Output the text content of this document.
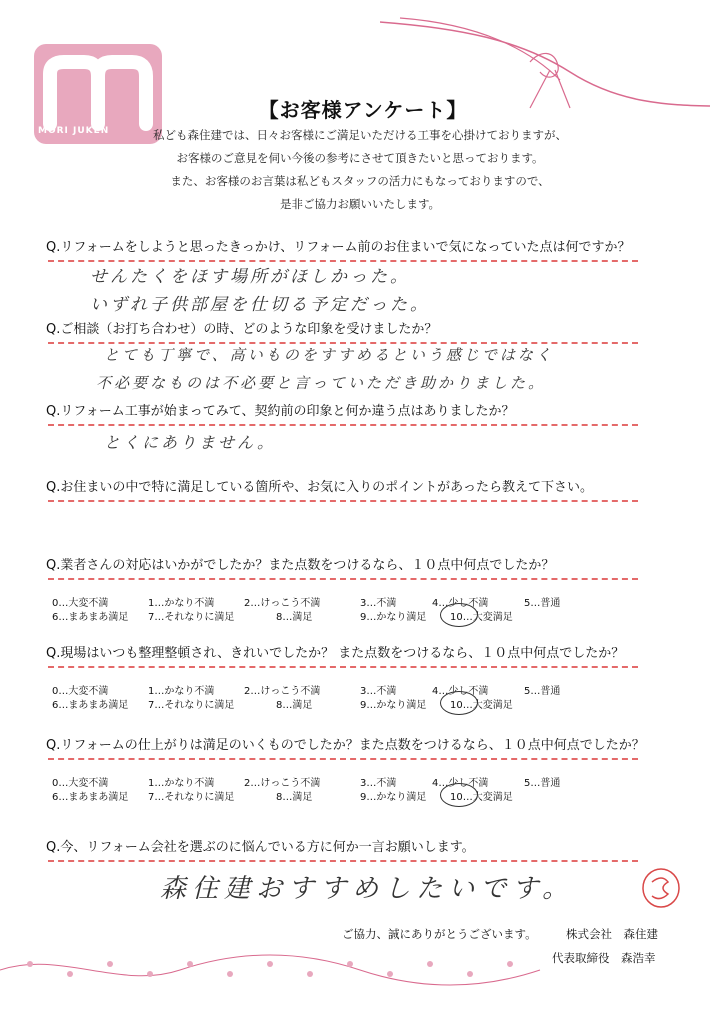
MORI JUKEN
【お客様アンケート】

私ども森住建では、日々お客様にご満足いただける工事を心掛けておりますが、

お客様のご意見を伺い今後の参考にさせて頂きたいと思っております。

また、お客様のお言葉は私どもスタッフの活力にもなっておりますので、

是非ご協力お願いいたします。

Q.リフォームをしようと思ったきっかけ、リフォーム前のお住まいで気になっていた点は何ですか？
せんたくをほす場所がほしかった。
いずれ子供部屋を仕切る予定だった。
Q.ご相談（お打ち合わせ）の時、どのような印象を受けましたか？
とても丁寧で、高いものをすすめるという感じではなく
不必要なものは不必要と言っていただき助かりました。
Q.リフォーム工事が始まってみて、契約前の印象と何か違う点はありましたか？
とくにありません。
Q.お住まいの中で特に満足している箇所や、お気に入りのポイントがあったら教えて下さい。
Q.業者さんの対応はいかがでしたか？また点数をつけるなら、１０点中何点でしたか？
0…大変不満	1…かなり不満	2…けっこう不満	3…不満	4…少し不満	5…普通
6…まあまあ満足 7…それなりに満足	8…満足	9…かなり満足 10…大変満足
Q.現場はいつも整理整頓され、きれいでしたか？ また点数をつけるなら、１０点中何点でしたか？
0…大変不満	1…かなり不満	2…けっこう不満	3…不満	4…少し不満	5…普通
6…まあまあ満足 7…それなりに満足	8…満足	9…かなり満足 10…大変満足
Q.リフォームの仕上がりは満足のいくものでしたか？また点数をつけるなら、１０点中何点でしたか？
0…大変不満	1…かなり不満	2…けっこう不満	3…不満	4…少し不満	5…普通
6…まあまあ満足 7…それなりに満足	8…満足	9…かなり満足 10…大変満足
Q.今、リフォーム会社を選ぶのに悩んでいる方に何か一言お願いします。
森住建おすすめしたいです。
ご協力、誠にありがとうございます。	株式会社　森住建
代表取締役　森浩幸
